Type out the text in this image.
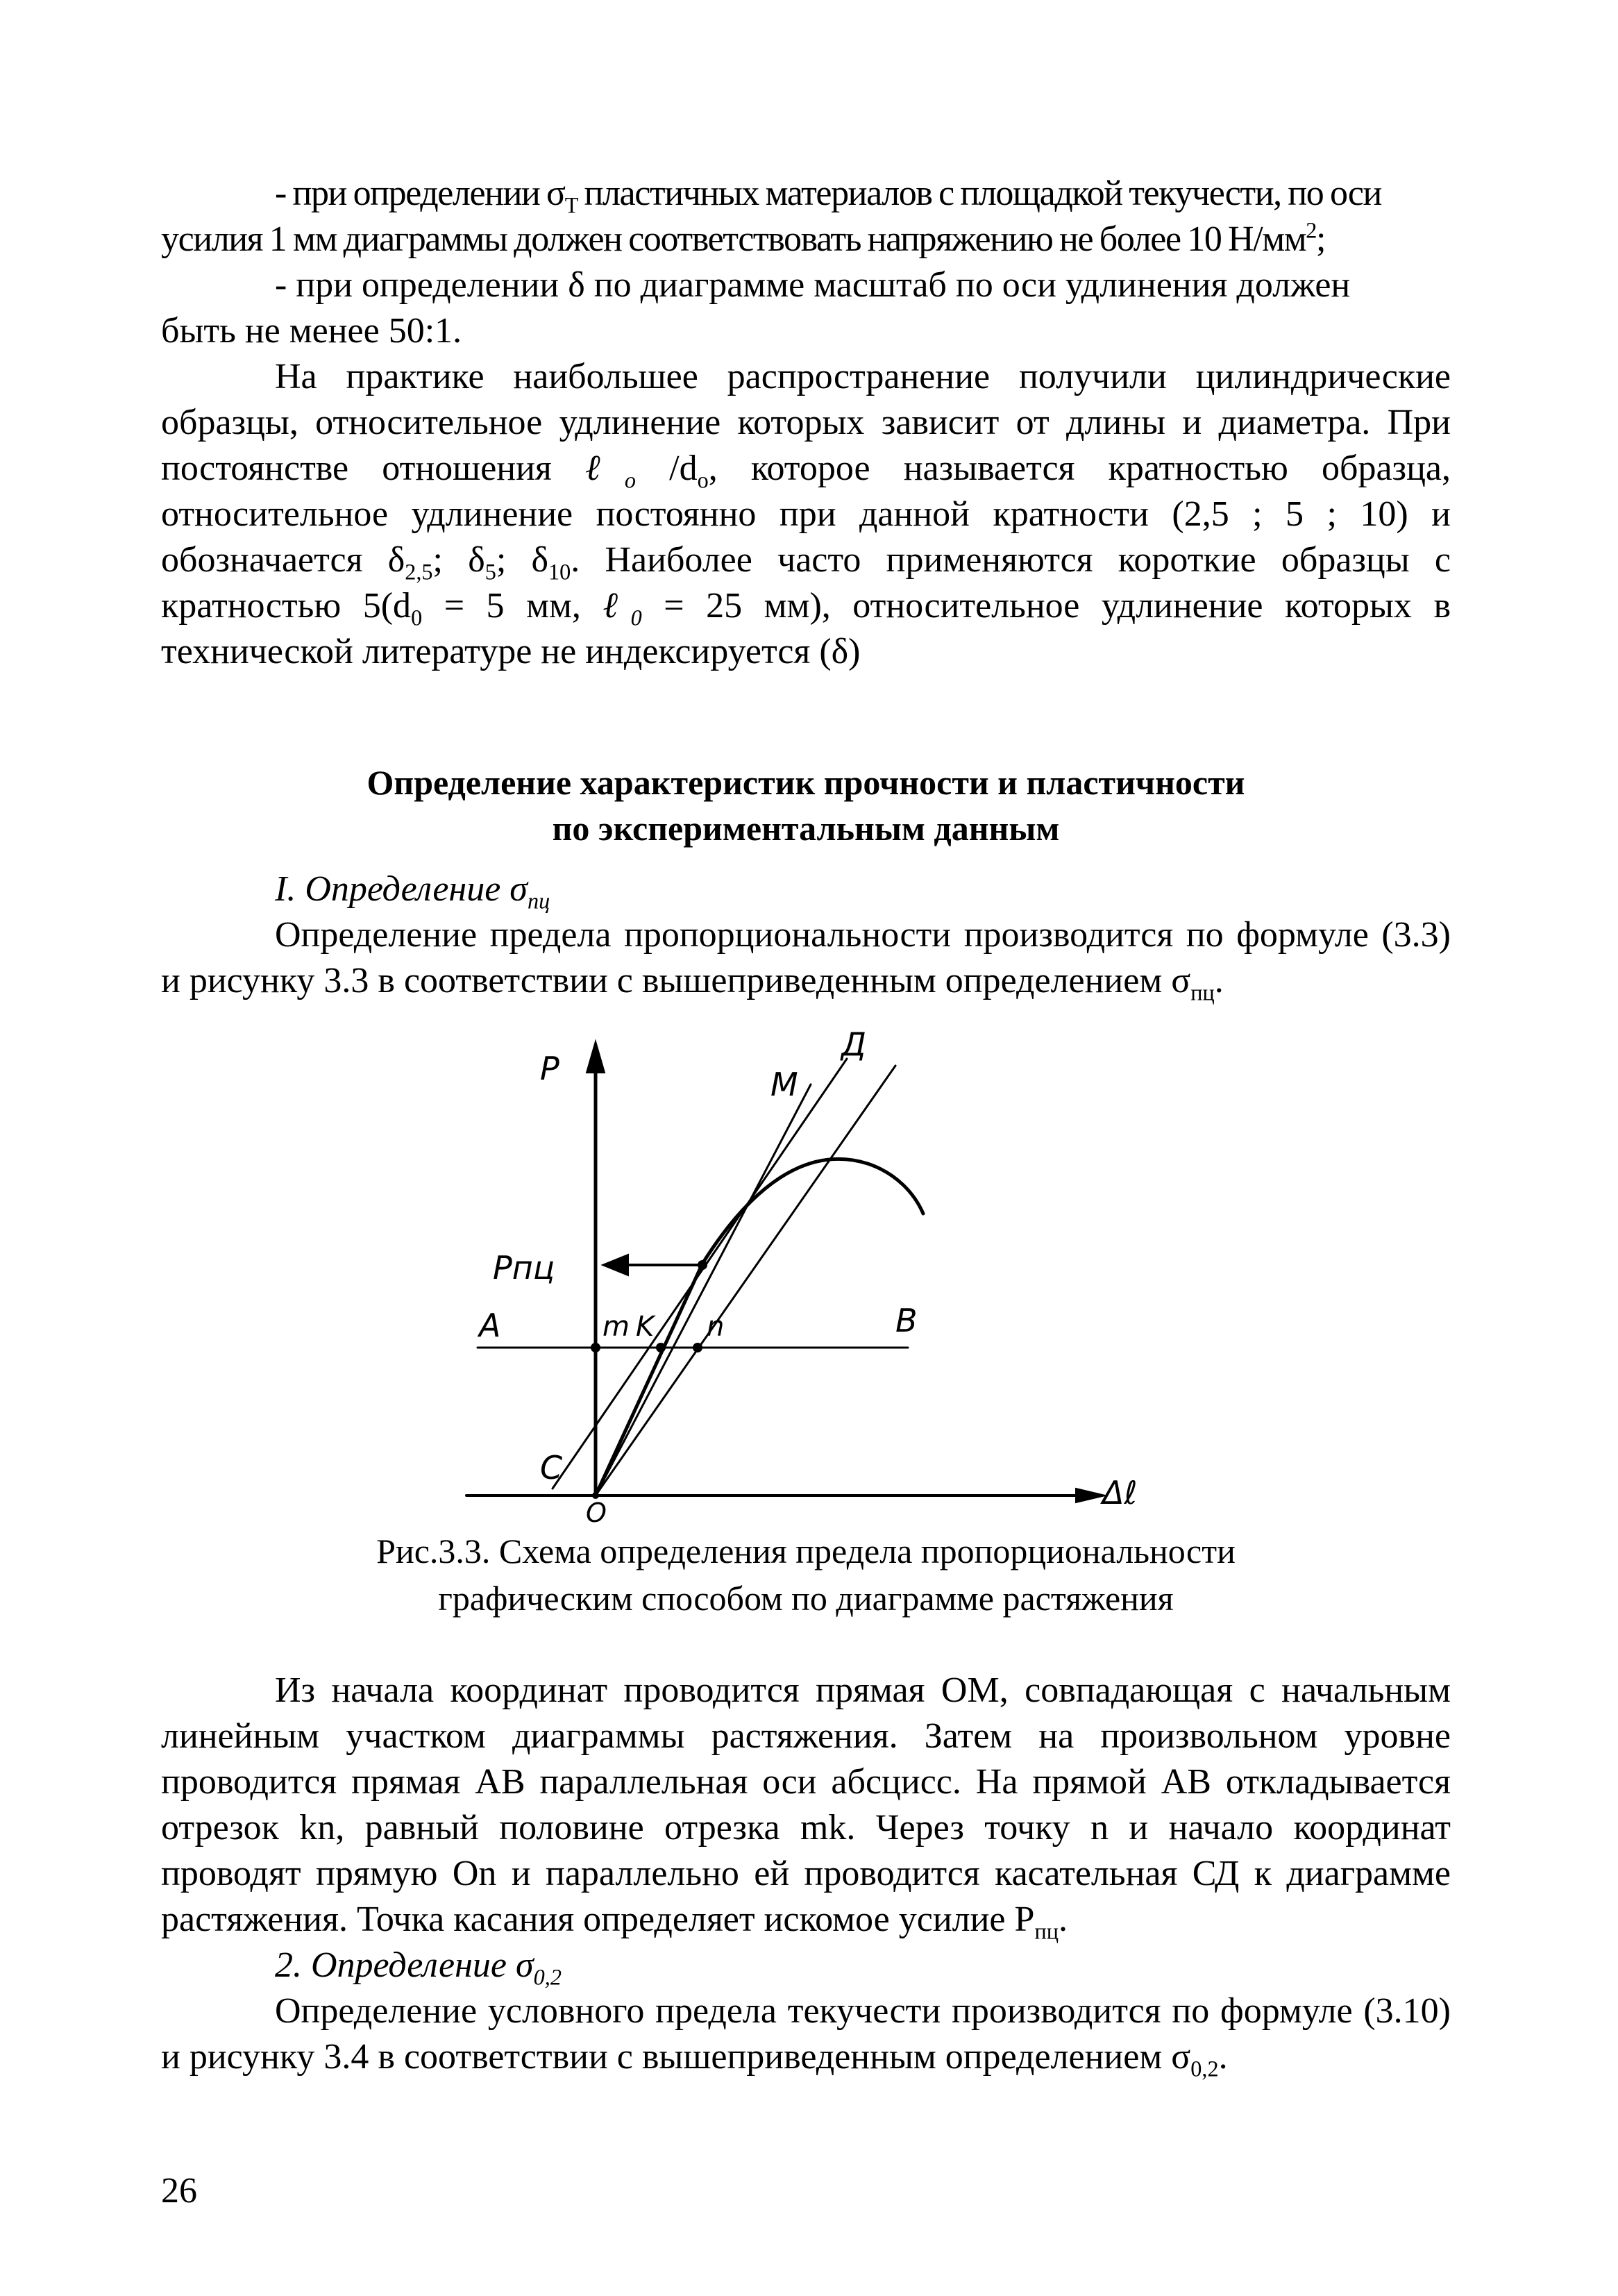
- при определении $\sigma_Т$ пластичных материалов с площадкой текучести, по оси

усилия 1 мм диаграммы должен соответствовать напряжению не более 10 $Н/мм^2$;

- при определении δ по диаграмме масштаб по оси удлинения должен

быть не менее 50:1.

На практике наибольшее распространение получили цилиндрические образцы, относительное удлинение которых зависит от длины и диаметра. При постоянстве отношения ℓ$_o$ $/d_o$, которое называется кратностью образца, относительное удлинение постоянно при данной кратности (2,5 ; 5 ; 10) и обозначается $\delta_{2,5}$; $\delta_5$; $\delta_{10}$. Наиболее часто применяются короткие образцы с кратностью $5(d_0 = 5$ мм, ℓ$_0$ = 25 мм), относительное удлинение которых в технической литературе не индексируется (δ)

Определение характеристик прочности и пластичности

по экспериментальным данным

I. Определение $\sigma_{пц}$

Определение предела пропорциональности производится по формуле (3.3) и рисунку 3.3 в соответствии с вышеприведенным определением $\sigma_{пц}$.

P	M
Д
Pпц
A	m K n	B
C
O
Δℓ

Рис.3.3. Схема определения предела пропорциональности

графическим способом по диаграмме растяжения

Из начала координат проводится прямая ОМ, совпадающая с начальным линейным участком диаграммы растяжения. Затем на произвольном уровне проводится прямая АВ параллельная оси абсцисс. На прямой АВ откладывается отрезок kn, равный половине отрезка mk. Через точку n и начало координат проводят прямую On и параллельно ей проводится касательная СД к диаграмме растяжения. Точка касания определяет искомое усилие $Р_{пц}$.

2. Определение $\sigma_{0,2}$

Определение условного предела текучести производится по формуле (3.10) и рисунку 3.4 в соответствии с вышеприведенным определением $\sigma_{0,2}$.

26
